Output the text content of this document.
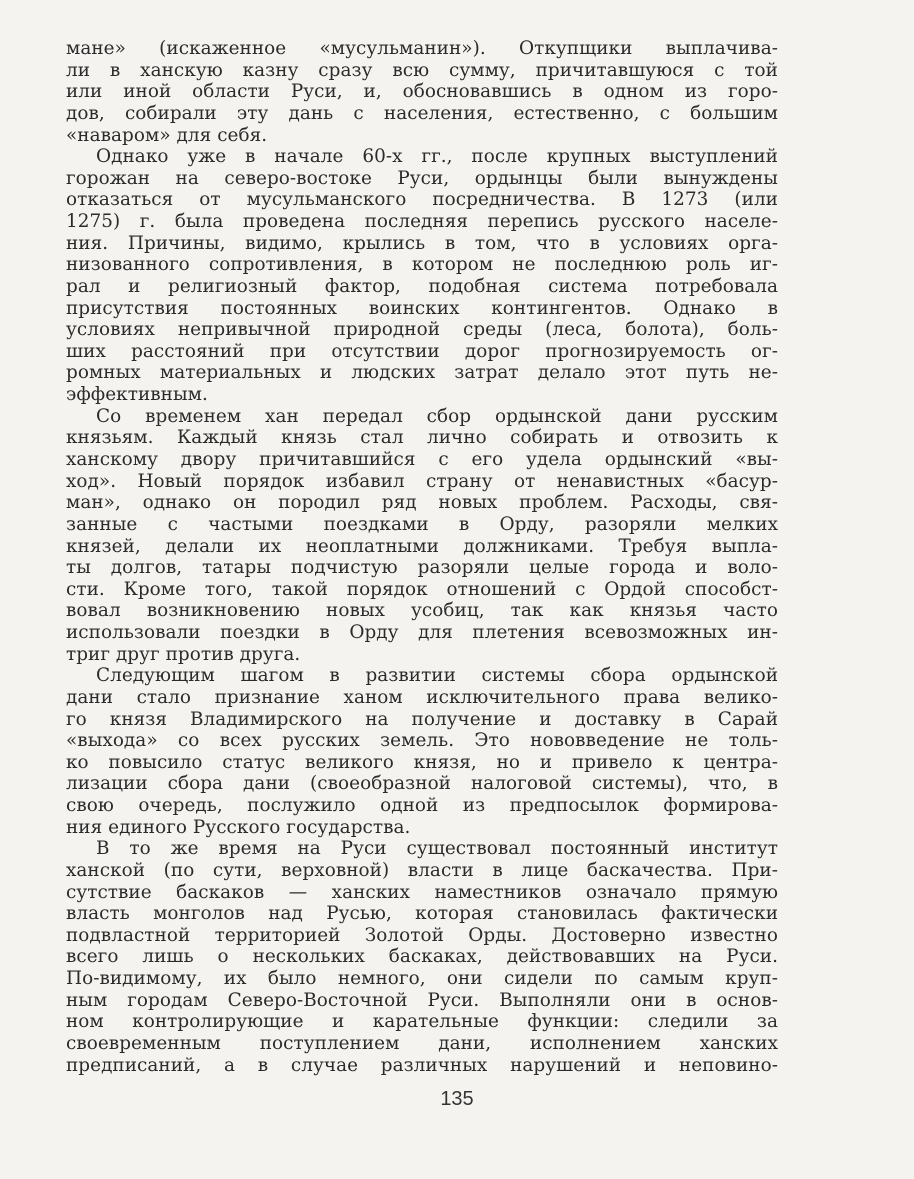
мане» (искаженное «мусульманин»). Откупщики выплачива-
ли в ханскую казну сразу всю сумму, причитавшуюся с той
или иной области Руси, и, обосновавшись в одном из горо-
дов, собирали эту дань с населения, естественно, с большим
«наваром» для себя.
Однако уже в начале 60-х гг., после крупных выступлений
горожан на северо-востоке Руси, ордынцы были вынуждены
отказаться от мусульманского посредничества. В 1273 (или
1275) г. была проведена последняя перепись русского населе-
ния. Причины, видимо, крылись в том, что в условиях орга-
низованного сопротивления, в котором не последнюю роль иг-
рал и религиозный фактор, подобная система потребовала
присутствия постоянных воинских контингентов. Однако в
условиях непривычной природной среды (леса, болота), боль-
ших расстояний при отсутствии дорог прогнозируемость ог-
ромных материальных и людских затрат делало этот путь не-
эффективным.
Со временем хан передал сбор ордынской дани русским
князьям. Каждый князь стал лично собирать и отвозить к
ханскому двору причитавшийся с его удела ордынский «вы-
ход». Новый порядок избавил страну от ненавистных «басур-
ман», однако он породил ряд новых проблем. Расходы, свя-
занные с частыми поездками в Орду, разоряли мелких
князей, делали их неоплатными должниками. Требуя выпла-
ты долгов, татары подчистую разоряли целые города и воло-
сти. Кроме того, такой порядок отношений с Ордой способст-
вовал возникновению новых усобиц, так как князья часто
использовали поездки в Орду для плетения всевозможных ин-
триг друг против друга.
Следующим шагом в развитии системы сбора ордынской
дани стало признание ханом исключительного права велико-
го князя Владимирского на получение и доставку в Сарай
«выхода» со всех русских земель. Это нововведение не толь-
ко повысило статус великого князя, но и привело к центра-
лизации сбора дани (своеобразной налоговой системы), что, в
свою очередь, послужило одной из предпосылок формирова-
ния единого Русского государства.
В то же время на Руси существовал постоянный институт
ханской (по сути, верховной) власти в лице баскачества. При-
сутствие баскаков — ханских наместников означало прямую
власть монголов над Русью, которая становилась фактически
подвластной территорией Золотой Орды. Достоверно известно
всего лишь о нескольких баскаках, действовавших на Руси.
По-видимому, их было немного, они сидели по самым круп-
ным городам Северо-Восточной Руси. Выполняли они в основ-
ном контролирующие и карательные функции: следили за
своевременным поступлением дани, исполнением ханских
предписаний, а в случае различных нарушений и неповино-
135
